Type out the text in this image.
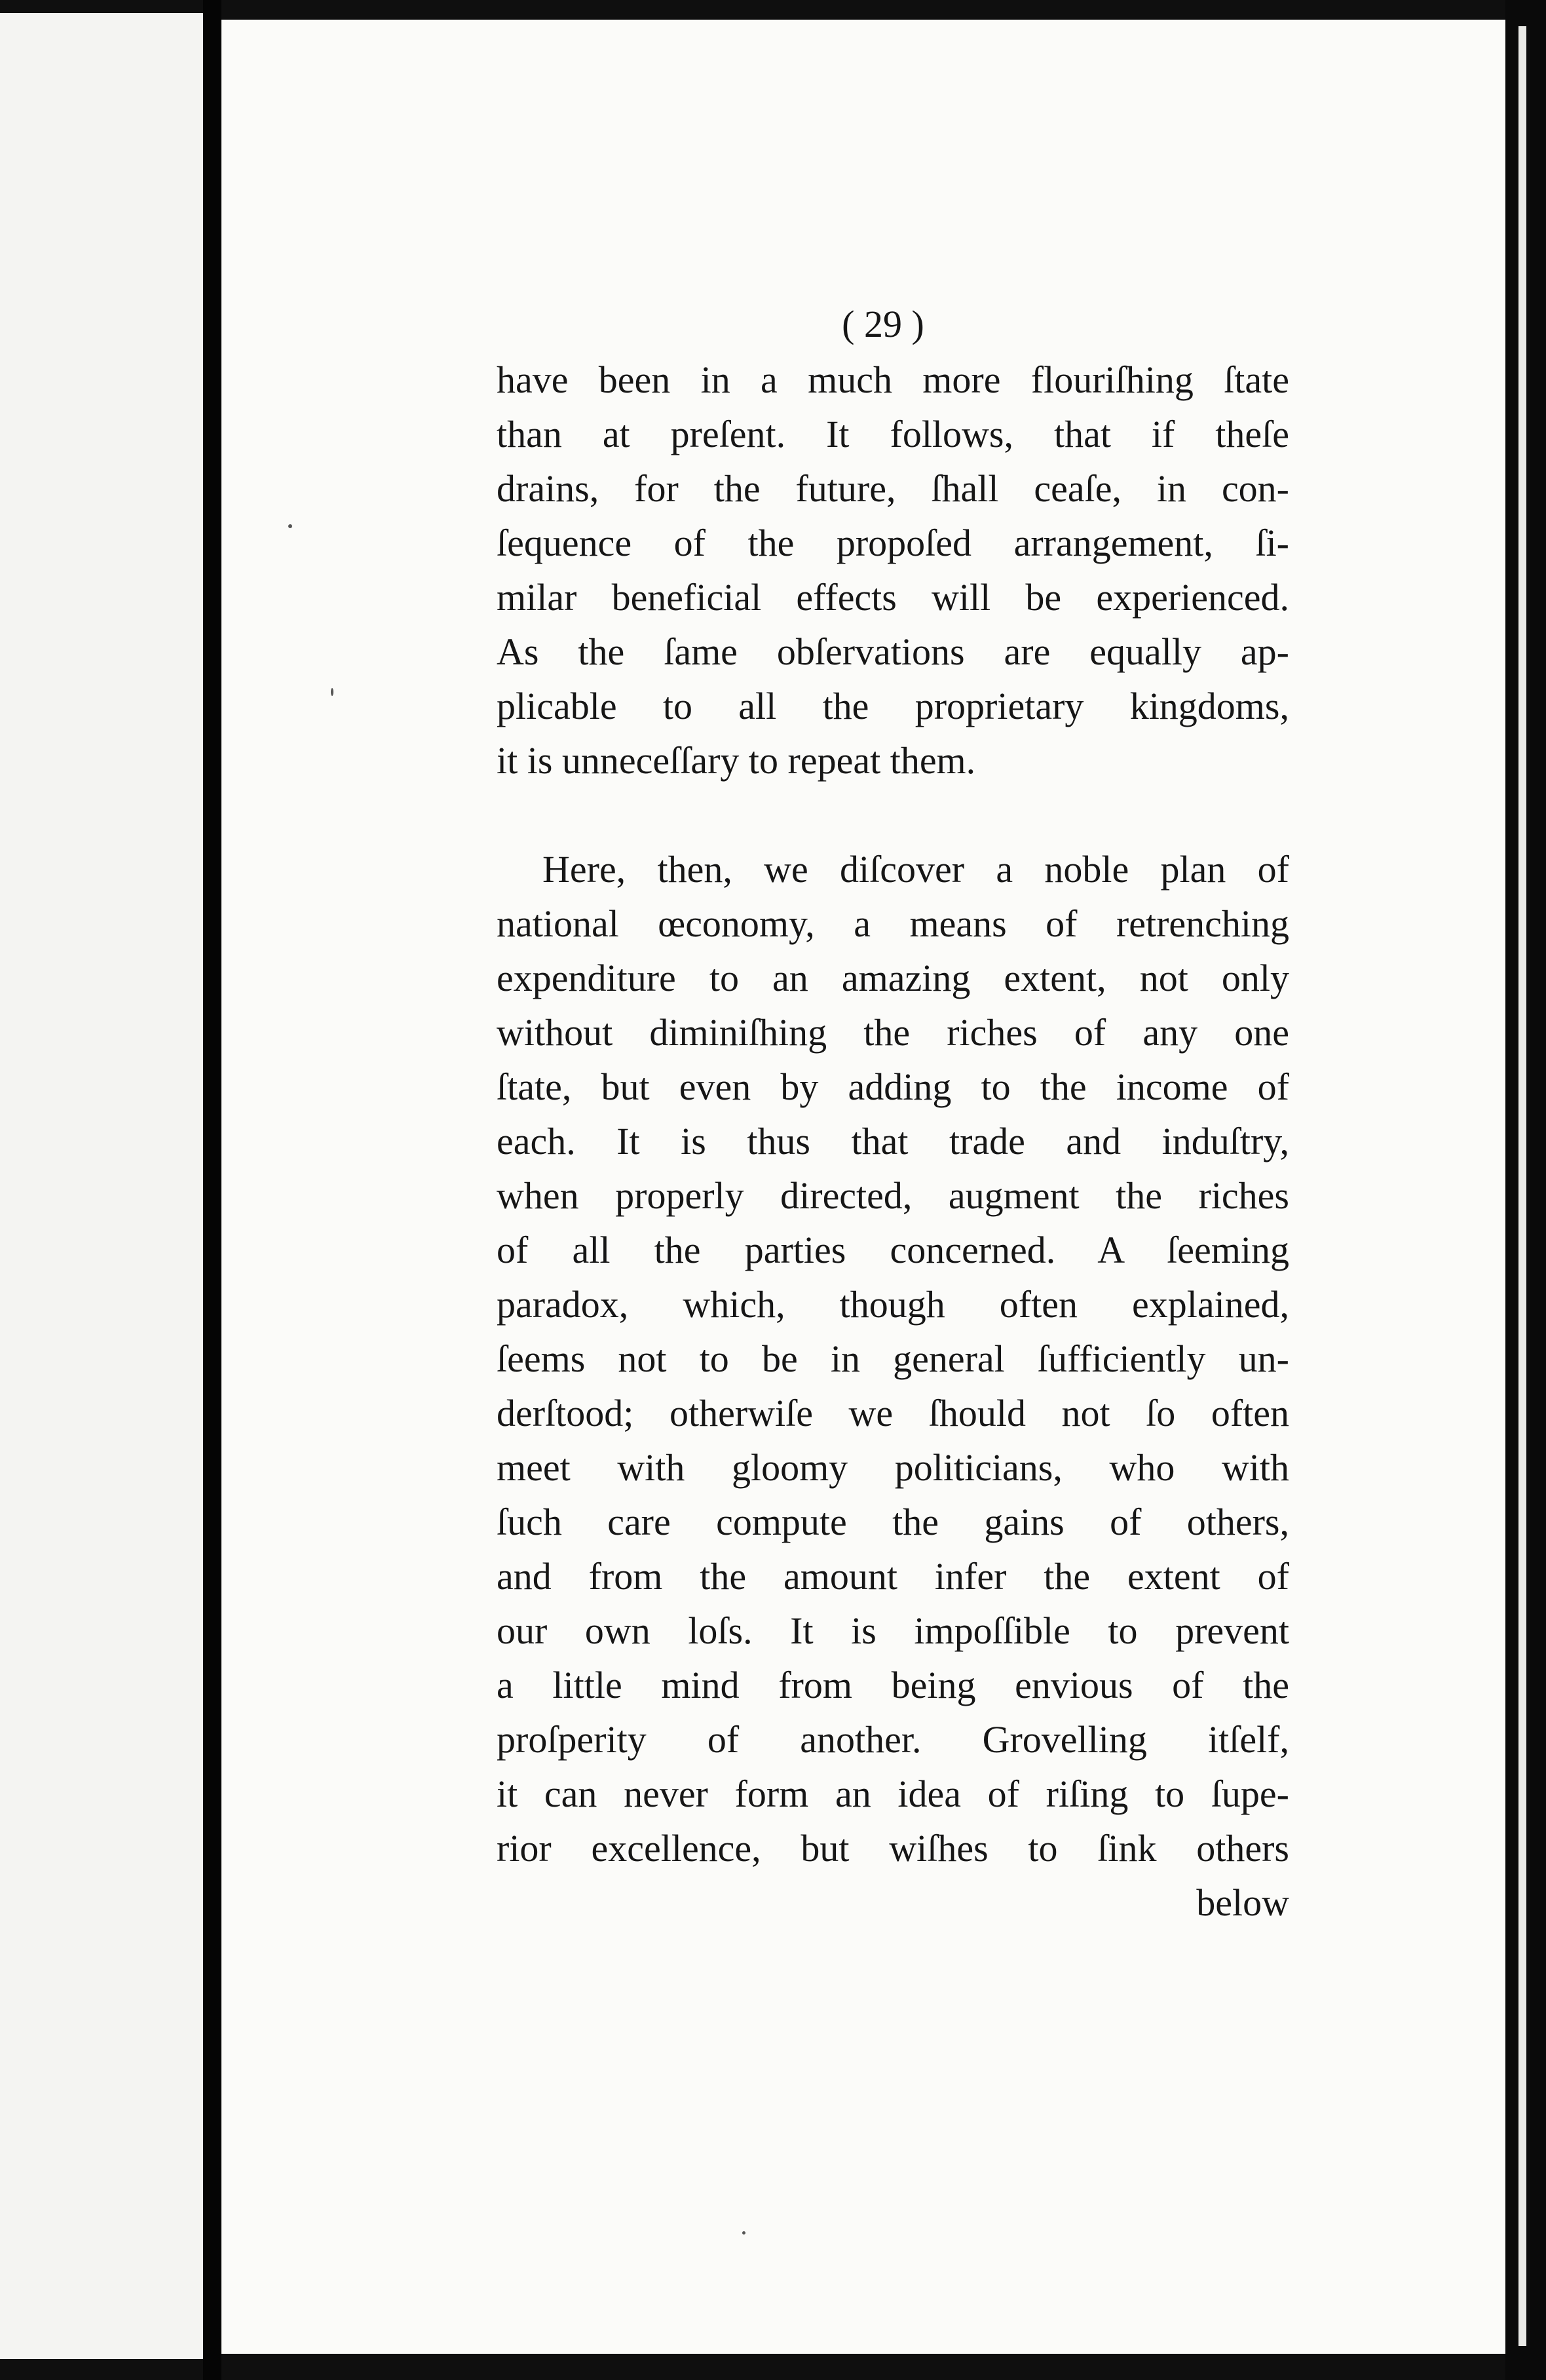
( 29 )
have been in a much more flouriſhing ſtate
than at preſent. It follows, that if theſe
drains, for the future, ſhall ceaſe, in con-
ſequence of the propoſed arrangement, ſi-
milar beneficial effects will be experienced.
As the ſame obſervations are equally ap-
plicable to all the proprietary kingdoms,
it is unneceſſary to repeat them.
Here, then, we diſcover a noble plan of
national œconomy, a means of retrenching
expenditure to an amazing extent, not only
without diminiſhing the riches of any one
ſtate, but even by adding to the income of
each. It is thus that trade and induſtry,
when properly directed, augment the riches
of all the parties concerned. A ſeeming
paradox, which, though often explained,
ſeems not to be in general ſufficiently un-
derſtood; otherwiſe we ſhould not ſo often
meet with gloomy politicians, who with
ſuch care compute the gains of others,
and from the amount infer the extent of
our own loſs. It is impoſſible to prevent
a little mind from being envious of the
proſperity of another. Grovelling itſelf,
it can never form an idea of riſing to ſupe-
rior excellence, but wiſhes to ſink others
below
